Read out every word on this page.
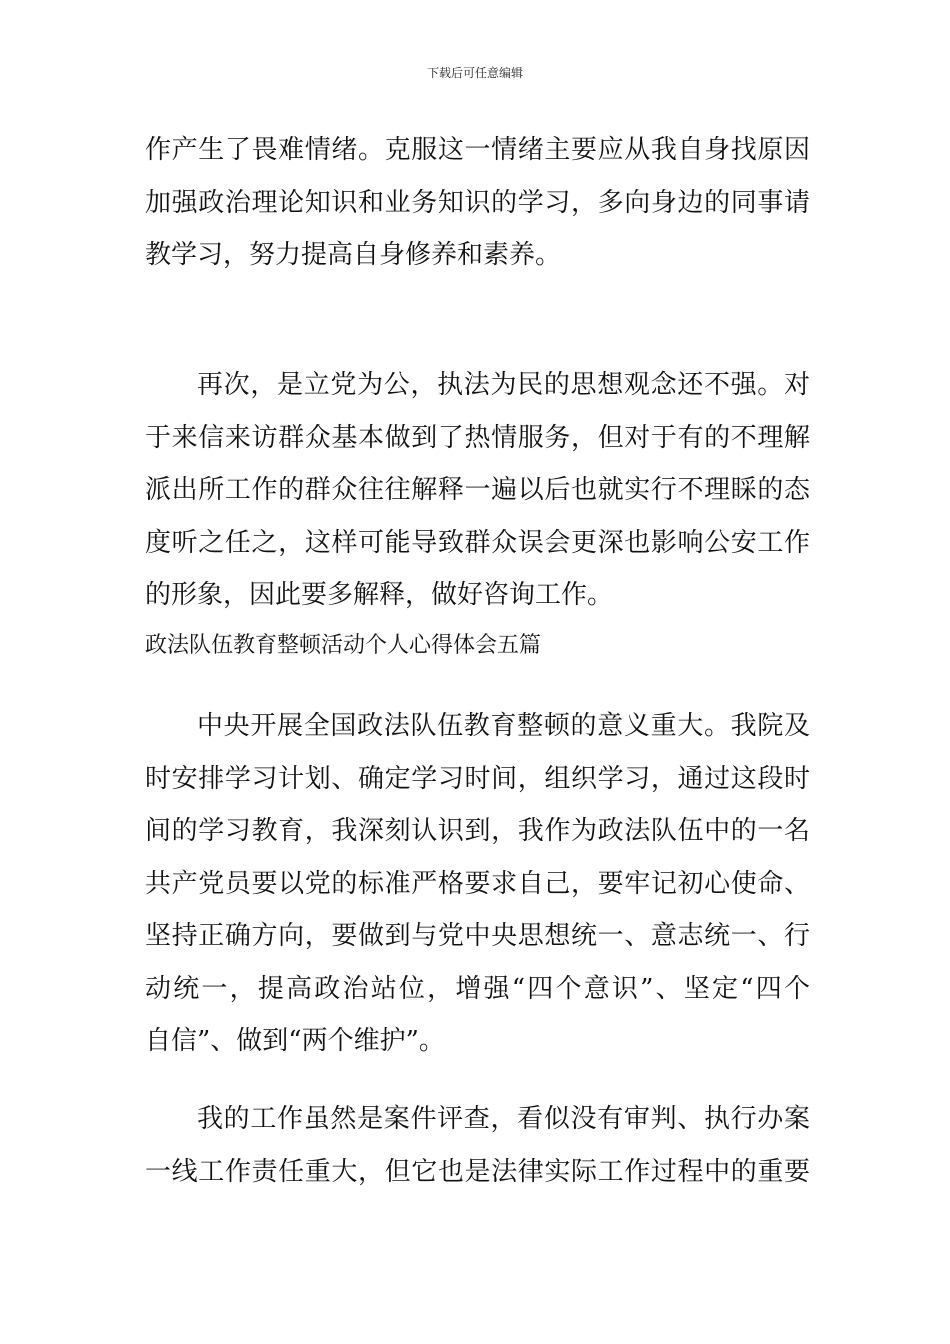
下载后可任意编辑
作产生了畏难情绪。克服这一情绪主要应从我自身找原因
加强政治理论知识和业务知识的学习，多向身边的同事请
教学习，努力提高自身修养和素养。
再次，是立党为公，执法为民的思想观念还不强。对
于来信来访群众基本做到了热情服务，但对于有的不理解
派出所工作的群众往往解释一遍以后也就实行不理睬的态
度听之任之，这样可能导致群众误会更深也影响公安工作
的形象，因此要多解释，做好咨询工作。
政法队伍教育整顿活动个人心得体会五篇
中央开展全国政法队伍教育整顿的意义重大。我院及
时安排学习计划、确定学习时间，组织学习，通过这段时
间的学习教育，我深刻认识到，我作为政法队伍中的一名
共产党员要以党的标准严格要求自己，要牢记初心使命、
坚持正确方向，要做到与党中央思想统一、意志统一、行
动统一，提高政治站位，增强“四个意识”、坚定“四个
自信”、做到“两个维护”。
我的工作虽然是案件评查，看似没有审判、执行办案
一线工作责任重大，但它也是法律实际工作过程中的重要
